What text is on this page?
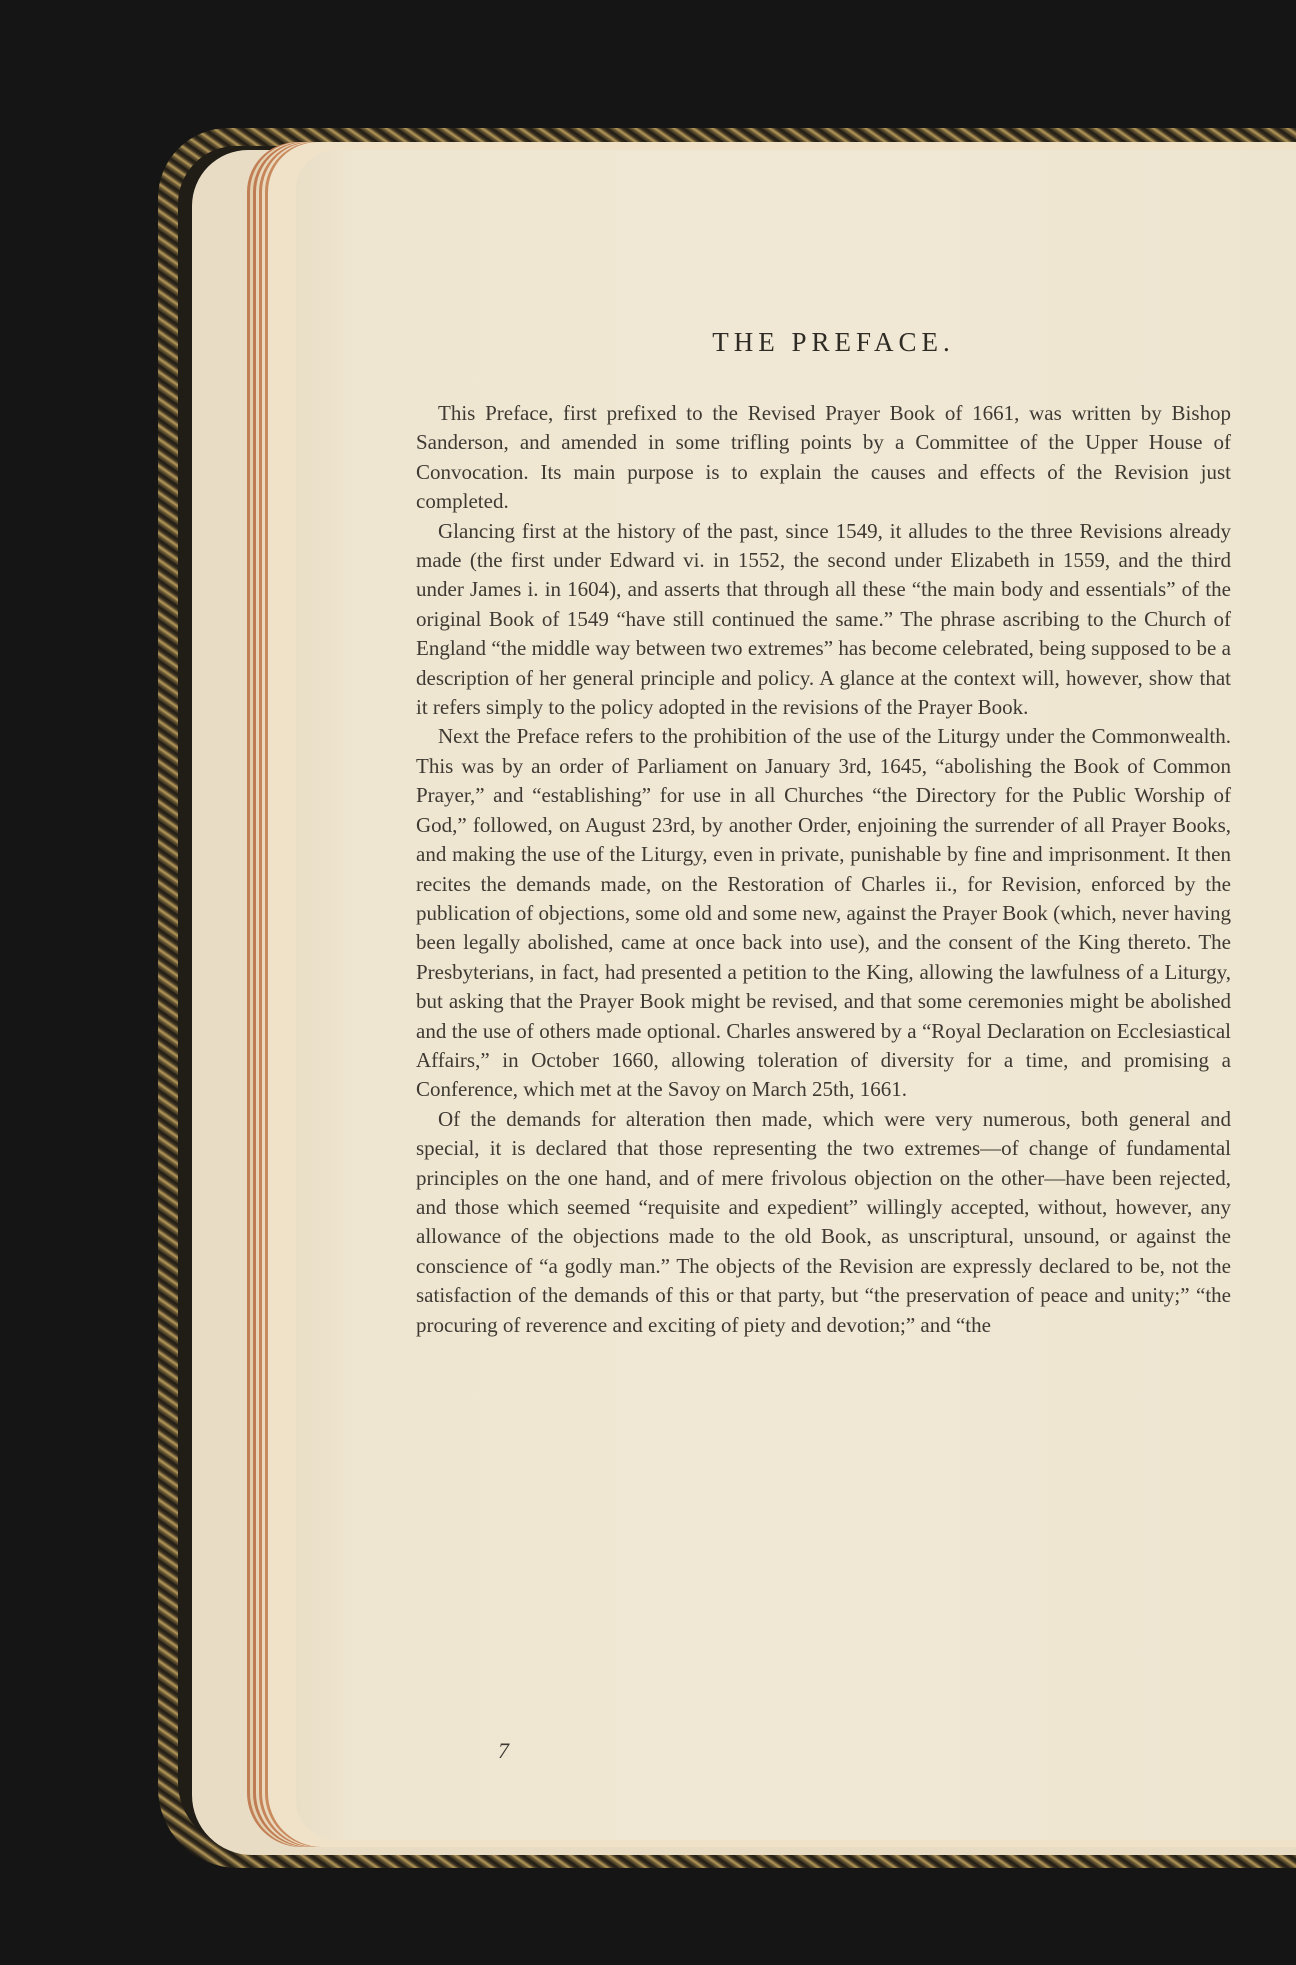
THE PREFACE.

This Preface, first prefixed to the Revised Prayer Book of 1661, was written by Bishop Sanderson, and amended in some trifling points by a Committee of the Upper House of Convocation. Its main purpose is to explain the causes and effects of the Revision just completed.

Glancing first at the history of the past, since 1549, it alludes to the three Revisions already made (the first under Edward vi. in 1552, the second under Elizabeth in 1559, and the third under James i. in 1604), and asserts that through all these “the main body and essentials” of the original Book of 1549 “have still continued the same.” The phrase ascribing to the Church of England “the middle way between two extremes” has become celebrated, being supposed to be a description of her general principle and policy. A glance at the context will, however, show that it refers simply to the policy adopted in the revisions of the Prayer Book.

Next the Preface refers to the prohibition of the use of the Liturgy under the Commonwealth. This was by an order of Parliament on January 3rd, 1645, “abolishing the Book of Common Prayer,” and “establishing” for use in all Churches “the Directory for the Public Worship of God,” followed, on August 23rd, by another Order, enjoining the surrender of all Prayer Books, and making the use of the Liturgy, even in private, punishable by fine and imprisonment. It then recites the demands made, on the Restoration of Charles ii., for Revision, enforced by the publication of objections, some old and some new, against the Prayer Book (which, never having been legally abolished, came at once back into use), and the consent of the King thereto. The Presbyterians, in fact, had presented a petition to the King, allowing the lawfulness of a Liturgy, but asking that the Prayer Book might be revised, and that some ceremonies might be abolished and the use of others made optional. Charles answered by a “Royal Declaration on Ecclesiastical Affairs,” in October 1660, allowing toleration of diversity for a time, and promising a Conference, which met at the Savoy on March 25th, 1661.

Of the demands for alteration then made, which were very numerous, both general and special, it is declared that those representing the two extremes—of change of fundamental principles on the one hand, and of mere frivolous objection on the other—have been rejected, and those which seemed “requisite and expedient” willingly accepted, without, however, any allowance of the objections made to the old Book, as unscriptural, unsound, or against the conscience of “a godly man.” The objects of the Revision are expressly declared to be, not the satisfaction of the demands of this or that party, but “the preservation of peace and unity;” “the procuring of reverence and exciting of piety and devotion;” and “the

7
